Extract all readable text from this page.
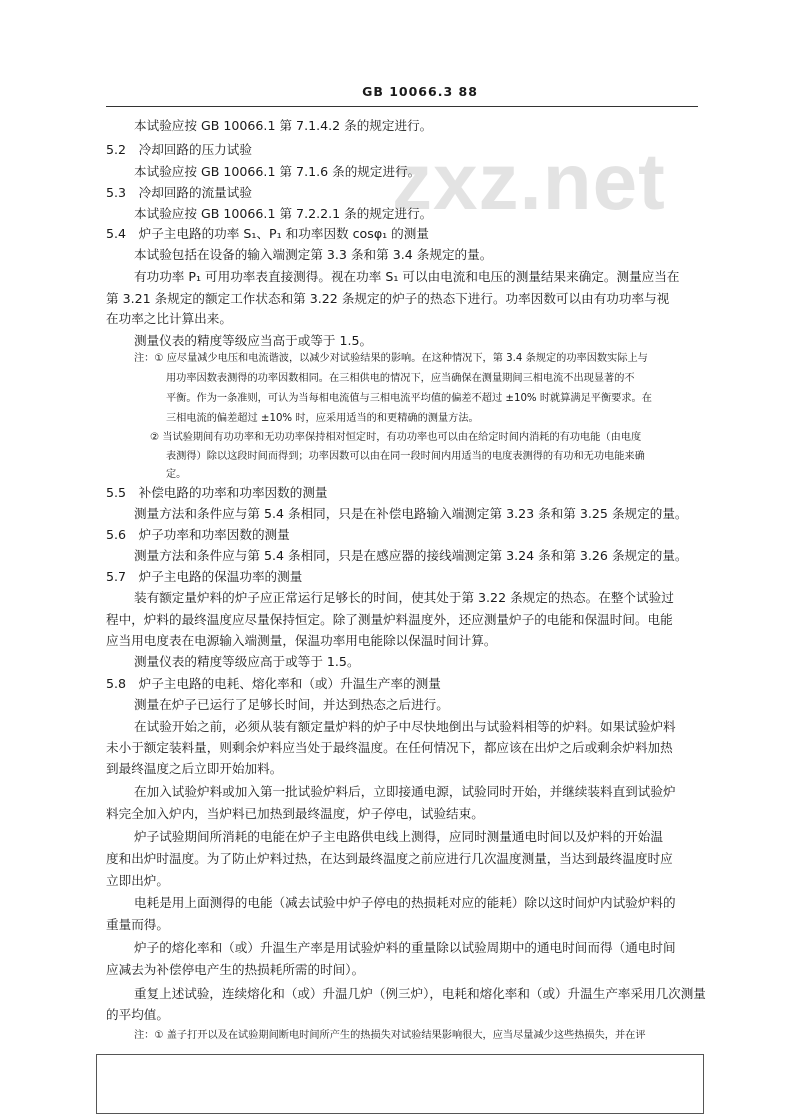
GB 10066.3 88
zxz.net
本试验应按 GB 10066.1 第 7.1.4.2 条的规定进行。
5.2　冷却回路的压力试验
本试验应按 GB 10066.1 第 7.1.6 条的规定进行。
5.3　冷却回路的流量试验
本试验应按 GB 10066.1 第 7.2.2.1 条的规定进行。
5.4　炉子主电路的功率 S₁、P₁ 和功率因数 cosφ₁ 的测量
本试验包括在设备的输入端测定第 3.3 条和第 3.4 条规定的量。
有功功率 P₁ 可用功率表直接测得。视在功率 S₁ 可以由电流和电压的测量结果来确定。测量应当在
第 3.21 条规定的额定工作状态和第 3.22 条规定的炉子的热态下进行。功率因数可以由有功功率与视
在功率之比计算出来。
测量仪表的精度等级应当高于或等于 1.5。
注：① 应尽量减少电压和电流谐波，以减少对试验结果的影响。在这种情况下，第 3.4 条规定的功率因数实际上与
用功率因数表测得的功率因数相同。在三相供电的情况下，应当确保在测量期间三相电流不出现显著的不
平衡。作为一条准则，可认为当每相电流值与三相电流平均值的偏差不超过 ±10% 时就算满足平衡要求。在
三相电流的偏差超过 ±10% 时，应采用适当的和更精确的测量方法。
② 当试验期间有功功率和无功功率保持相对恒定时，有功功率也可以由在给定时间内消耗的有功电能（由电度
表测得）除以这段时间而得到；功率因数可以由在同一段时间内用适当的电度表测得的有功和无功电能来确
定。
5.5　补偿电路的功率和功率因数的测量
测量方法和条件应与第 5.4 条相同，只是在补偿电路输入端测定第 3.23 条和第 3.25 条规定的量。
5.6　炉子功率和功率因数的测量
测量方法和条件应与第 5.4 条相同，只是在感应器的接线端测定第 3.24 条和第 3.26 条规定的量。
5.7　炉子主电路的保温功率的测量
装有额定量炉料的炉子应正常运行足够长的时间，使其处于第 3.22 条规定的热态。在整个试验过
程中，炉料的最终温度应尽量保持恒定。除了测量炉料温度外，还应测量炉子的电能和保温时间。电能
应当用电度表在电源输入端测量，保温功率用电能除以保温时间计算。
测量仪表的精度等级应高于或等于 1.5。
5.8　炉子主电路的电耗、熔化率和（或）升温生产率的测量
测量在炉子已运行了足够长时间，并达到热态之后进行。
在试验开始之前，必须从装有额定量炉料的炉子中尽快地倒出与试验料相等的炉料。如果试验炉料
未小于额定装料量，则剩余炉料应当处于最终温度。在任何情况下，都应该在出炉之后或剩余炉料加热
到最终温度之后立即开始加料。
在加入试验炉料或加入第一批试验炉料后，立即接通电源，试验同时开始，并继续装料直到试验炉
料完全加入炉内，当炉料已加热到最终温度，炉子停电，试验结束。
炉子试验期间所消耗的电能在炉子主电路供电线上测得，应同时测量通电时间以及炉料的开始温
度和出炉时温度。为了防止炉料过热，在达到最终温度之前应进行几次温度测量，当达到最终温度时应
立即出炉。
电耗是用上面测得的电能（减去试验中炉子停电的热损耗对应的能耗）除以这时间炉内试验炉料的
重量而得。
炉子的熔化率和（或）升温生产率是用试验炉料的重量除以试验周期中的通电时间而得（通电时间
应减去为补偿停电产生的热损耗所需的时间）。
重复上述试验，连续熔化和（或）升温几炉（例三炉），电耗和熔化率和（或）升温生产率采用几次测量
的平均值。
注：① 盖子打开以及在试验期间断电时间所产生的热损失对试验结果影响很大，应当尽量减少这些热损失，并在评
